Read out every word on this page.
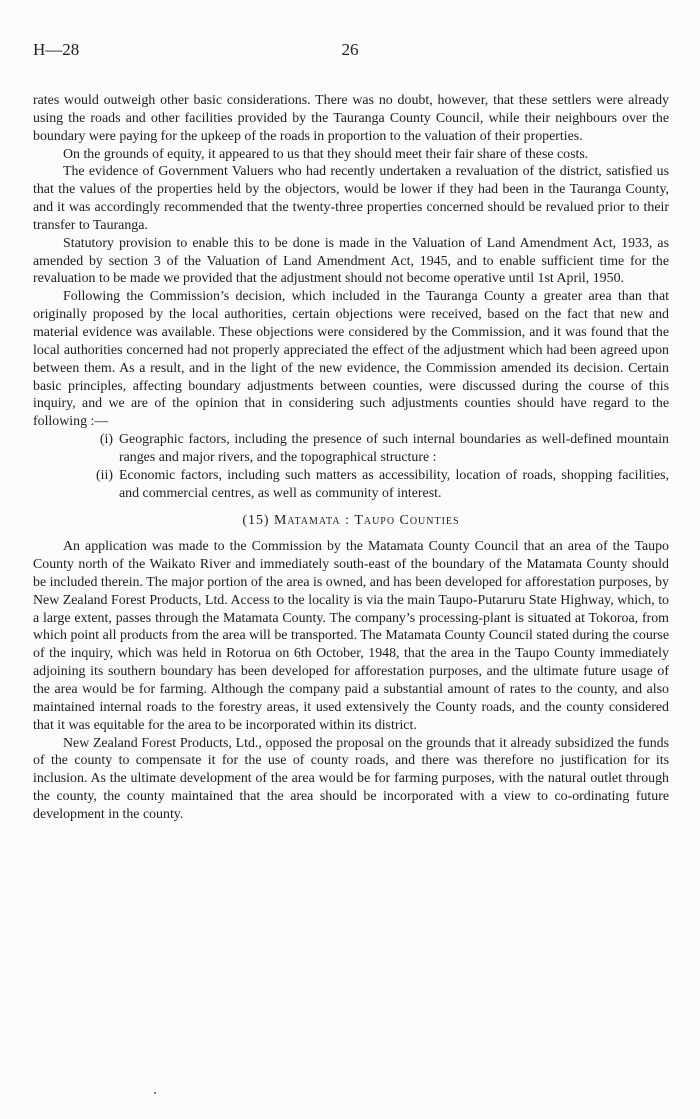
H—28	26

rates would outweigh other basic considerations. There was no doubt, however, that these settlers were already using the roads and other facilities provided by the Tauranga County Council, while their neighbours over the boundary were paying for the upkeep of the roads in proportion to the valuation of their properties.

On the grounds of equity, it appeared to us that they should meet their fair share of these costs.

The evidence of Government Valuers who had recently undertaken a revaluation of the district, satisfied us that the values of the properties held by the objectors, would be lower if they had been in the Tauranga County, and it was accordingly recommended that the twenty-three properties concerned should be revalued prior to their transfer to Tauranga.

Statutory provision to enable this to be done is made in the Valuation of Land Amendment Act, 1933, as amended by section 3 of the Valuation of Land Amendment Act, 1945, and to enable sufficient time for the revaluation to be made we provided that the adjustment should not become operative until 1st April, 1950.

Following the Commission’s decision, which included in the Tauranga County a greater area than that originally proposed by the local authorities, certain objections were received, based on the fact that new and material evidence was available. These objections were considered by the Commission, and it was found that the local authorities concerned had not properly appreciated the effect of the adjustment which had been agreed upon between them. As a result, and in the light of the new evidence, the Commission amended its decision. Certain basic principles, affecting boundary adjustments between counties, were discussed during the course of this inquiry, and we are of the opinion that in considering such adjustments counties should have regard to the following :—

(i) Geographic factors, including the presence of such internal boundaries as well-defined mountain ranges and major rivers, and the topographical structure :

(ii) Economic factors, including such matters as accessibility, location of roads, shopping facilities, and commercial centres, as well as community of interest.

(15) Matamata : Taupo Counties

An application was made to the Commission by the Matamata County Council that an area of the Taupo County north of the Waikato River and immediately south-east of the boundary of the Matamata County should be included therein. The major portion of the area is owned, and has been developed for afforestation purposes, by New Zealand Forest Products, Ltd. Access to the locality is via the main Taupo-Putaruru State Highway, which, to a large extent, passes through the Matamata County. The company’s processing-plant is situated at Tokoroa, from which point all products from the area will be transported. The Matamata County Council stated during the course of the inquiry, which was held in Rotorua on 6th October, 1948, that the area in the Taupo County immediately adjoining its southern boundary has been developed for afforestation purposes, and the ultimate future usage of the area would be for farming. Although the company paid a substantial amount of rates to the county, and also maintained internal roads to the forestry areas, it used extensively the County roads, and the county considered that it was equitable for the area to be incorporated within its district.

New Zealand Forest Products, Ltd., opposed the proposal on the grounds that it already subsidized the funds of the county to compensate it for the use of county roads, and there was therefore no justification for its inclusion. As the ultimate development of the area would be for farming purposes, with the natural outlet through the county, the county maintained that the area should be incorporated with a view to co-ordinating future development in the county.
